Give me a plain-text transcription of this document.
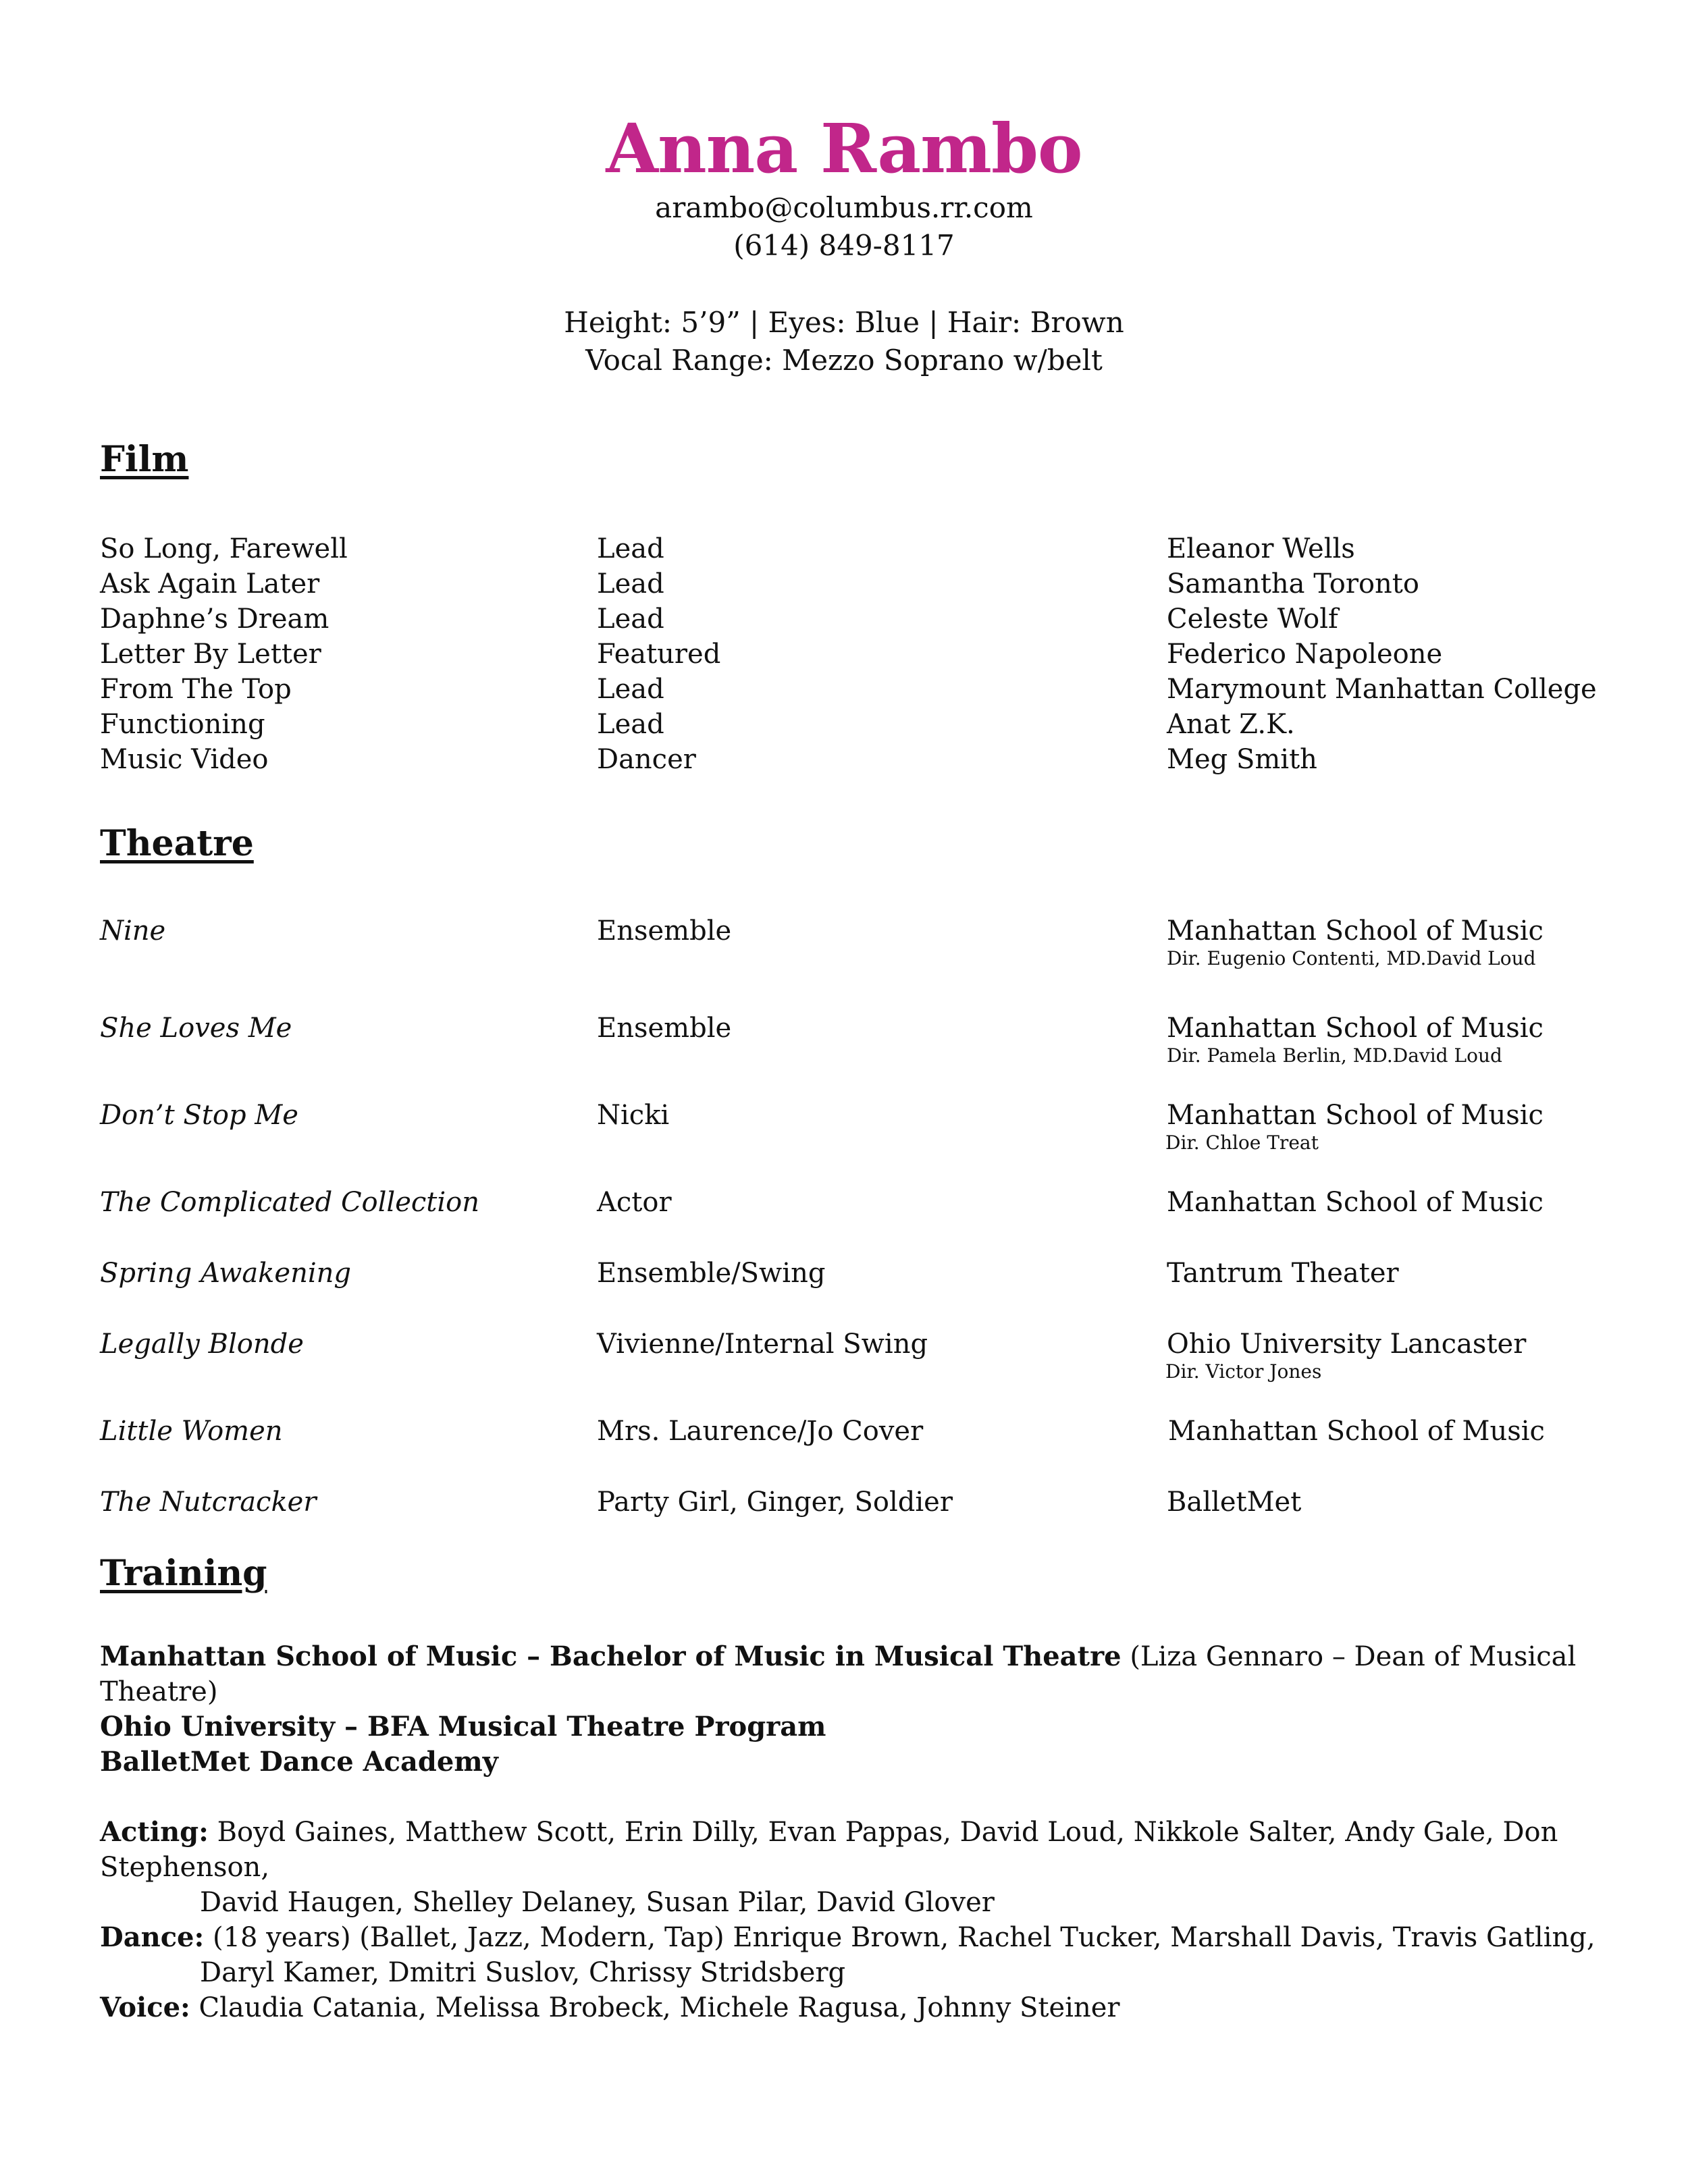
Anna Rambo
arambo@columbus.rr.com
(614) 849-8117
Height: 5’9” | Eyes: Blue | Hair: Brown
Vocal Range: Mezzo Soprano w/belt
Film
So Long, Farewell	Lead	Eleanor Wells
Ask Again Later	Lead	Samantha Toronto
Daphne’s Dream	Lead	Celeste Wolf
Letter By Letter	Featured	Federico Napoleone
From The Top	Lead	Marymount Manhattan College
Functioning	Lead	Anat Z.K.
Music Video	Dancer	Meg Smith
Theatre
Nine	Ensemble	Manhattan School of Music
Dir. Eugenio Contenti, MD.David Loud
She Loves Me	Ensemble	Manhattan School of Music
Dir. Pamela Berlin, MD.David Loud
Don’t Stop Me	Nicki	Manhattan School of Music
Dir. Chloe Treat
The Complicated Collection	Actor	Manhattan School of Music
Spring Awakening	Ensemble/Swing	Tantrum Theater
Legally Blonde	Vivienne/Internal Swing	Ohio University Lancaster
Dir. Victor Jones
Little Women	Mrs. Laurence/Jo Cover	Manhattan School of Music
The Nutcracker	Party Girl, Ginger, Soldier	BalletMet
Training
Manhattan School of Music – Bachelor of Music in Musical Theatre (Liza Gennaro – Dean of Musical Theatre)
Ohio University – BFA Musical Theatre Program
BalletMet Dance Academy
Acting: Boyd Gaines, Matthew Scott, Erin Dilly, Evan Pappas, David Loud, Nikkole Salter, Andy Gale, Don Stephenson,
David Haugen, Shelley Delaney, Susan Pilar, David Glover
Dance: (18 years) (Ballet, Jazz, Modern, Tap) Enrique Brown, Rachel Tucker, Marshall Davis, Travis Gatling,
Daryl Kamer, Dmitri Suslov, Chrissy Stridsberg
Voice: Claudia Catania, Melissa Brobeck, Michele Ragusa, Johnny Steiner
